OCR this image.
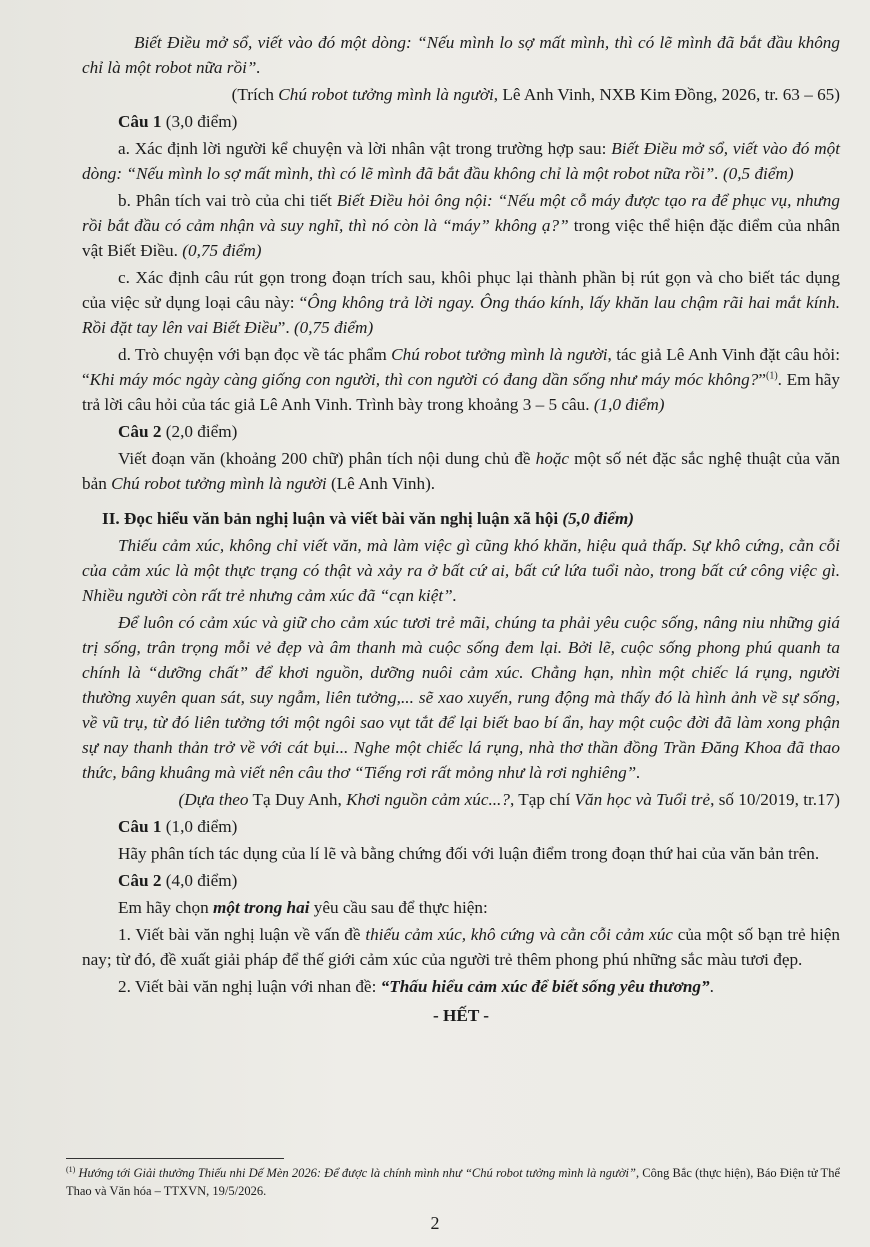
Biết Điều mở sổ, viết vào đó một dòng: “Nếu mình lo sợ mất mình, thì có lẽ mình đã bắt đầu không chỉ là một robot nữa rồi”.

(Trích Chú robot tưởng mình là người, Lê Anh Vinh, NXB Kim Đồng, 2026, tr. 63 – 65)

Câu 1 (3,0 điểm)

a. Xác định lời người kể chuyện và lời nhân vật trong trường hợp sau: Biết Điều mở sổ, viết vào đó một dòng: “Nếu mình lo sợ mất mình, thì có lẽ mình đã bắt đầu không chỉ là một robot nữa rồi”. (0,5 điểm)

b. Phân tích vai trò của chi tiết Biết Điều hỏi ông nội: “Nếu một cỗ máy được tạo ra để phục vụ, nhưng rồi bắt đầu có cảm nhận và suy nghĩ, thì nó còn là “máy” không ạ?” trong việc thể hiện đặc điểm của nhân vật Biết Điều. (0,75 điểm)

c. Xác định câu rút gọn trong đoạn trích sau, khôi phục lại thành phần bị rút gọn và cho biết tác dụng của việc sử dụng loại câu này: “Ông không trả lời ngay. Ông tháo kính, lấy khăn lau chậm rãi hai mắt kính. Rồi đặt tay lên vai Biết Điều”. (0,75 điểm)

d. Trò chuyện với bạn đọc về tác phẩm Chú robot tưởng mình là người, tác giả Lê Anh Vinh đặt câu hỏi: “Khi máy móc ngày càng giống con người, thì con người có đang dần sống như máy móc không?”$^{(1)}$. Em hãy trả lời câu hỏi của tác giả Lê Anh Vinh. Trình bày trong khoảng 3 – 5 câu. (1,0 điểm)

Câu 2 (2,0 điểm)

Viết đoạn văn (khoảng 200 chữ) phân tích nội dung chủ đề hoặc một số nét đặc sắc nghệ thuật của văn bản Chú robot tưởng mình là người (Lê Anh Vinh).

II. Đọc hiểu văn bản nghị luận và viết bài văn nghị luận xã hội (5,0 điểm)

Thiếu cảm xúc, không chỉ viết văn, mà làm việc gì cũng khó khăn, hiệu quả thấp. Sự khô cứng, cằn cỗi của cảm xúc là một thực trạng có thật và xảy ra ở bất cứ ai, bất cứ lứa tuổi nào, trong bất cứ công việc gì. Nhiều người còn rất trẻ nhưng cảm xúc đã “cạn kiệt”.

Để luôn có cảm xúc và giữ cho cảm xúc tươi trẻ mãi, chúng ta phải yêu cuộc sống, nâng niu những giá trị sống, trân trọng mỗi vẻ đẹp và âm thanh mà cuộc sống đem lại. Bởi lẽ, cuộc sống phong phú quanh ta chính là “dưỡng chất” để khơi nguồn, dưỡng nuôi cảm xúc. Chẳng hạn, nhìn một chiếc lá rụng, người thường xuyên quan sát, suy ngẫm, liên tưởng,... sẽ xao xuyến, rung động mà thấy đó là hình ảnh về sự sống, về vũ trụ, từ đó liên tưởng tới một ngôi sao vụt tắt để lại biết bao bí ẩn, hay một cuộc đời đã làm xong phận sự nay thanh thản trở về với cát bụi... Nghe một chiếc lá rụng, nhà thơ thần đồng Trần Đăng Khoa đã thao thức, bâng khuâng mà viết nên câu thơ “Tiếng rơi rất mỏng như là rơi nghiêng”.

(Dựa theo Tạ Duy Anh, Khơi nguồn cảm xúc...?, Tạp chí Văn học và Tuổi trẻ, số 10/2019, tr.17)

Câu 1 (1,0 điểm)

Hãy phân tích tác dụng của lí lẽ và bằng chứng đối với luận điểm trong đoạn thứ hai của văn bản trên.

Câu 2 (4,0 điểm)

Em hãy chọn một trong hai yêu cầu sau để thực hiện:

1. Viết bài văn nghị luận về vấn đề thiếu cảm xúc, khô cứng và cằn cỗi cảm xúc của một số bạn trẻ hiện nay; từ đó, đề xuất giải pháp để thế giới cảm xúc của người trẻ thêm phong phú những sắc màu tươi đẹp.

2. Viết bài văn nghị luận với nhan đề: “Thấu hiểu cảm xúc để biết sống yêu thương”.

- HẾT -

$^{(1)}$ Hướng tới Giải thưởng Thiếu nhi Dế Mèn 2026: Để được là chính mình như “Chú robot tưởng mình là người”, Công Bắc (thực hiện), Báo Điện tử Thể Thao và Văn hóa – TTXVN, 19/5/2026.
2
